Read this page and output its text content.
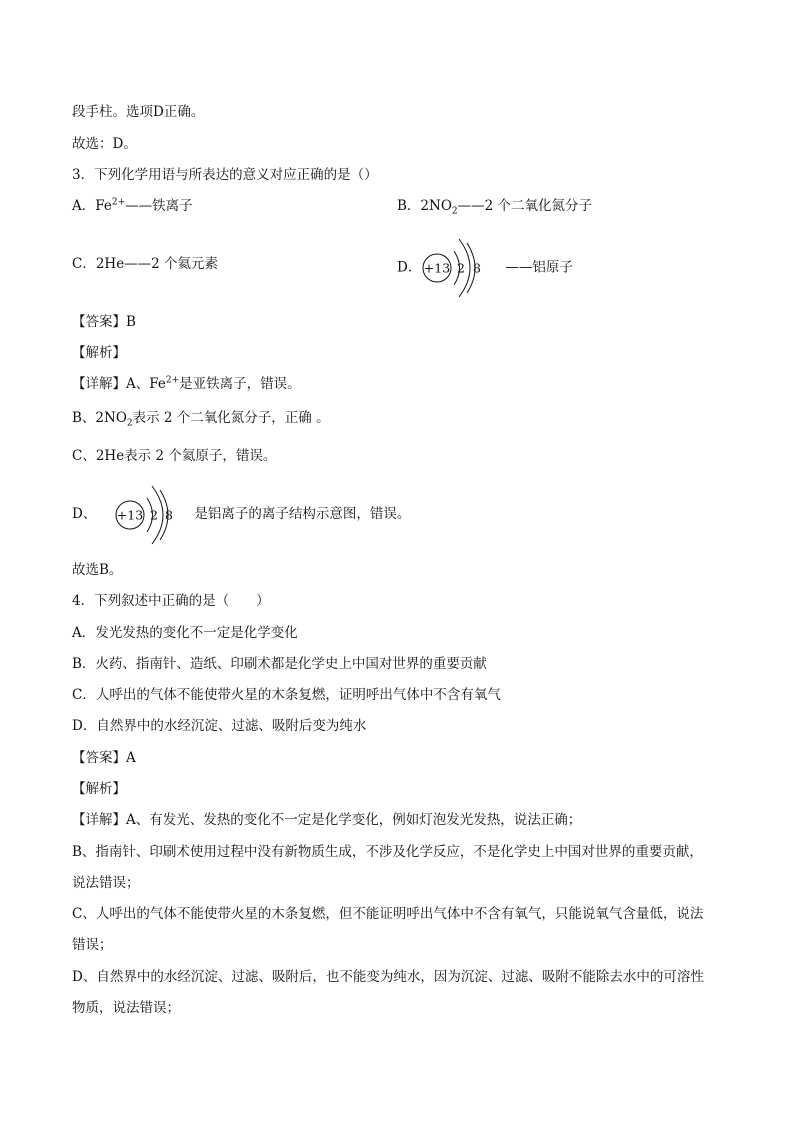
段手柱。选项D正确。
故选：D。
3．下列化学用语与所表达的意义对应正确的是（）
A．$Fe^{2+}——$铁离子	B．$2NO_2——2$ 个二氧化氮分子
C．2He——2 个氦元素	D． +13 2 8 ——铝原子
【答案】B
【解析】
【详解】A、$Fe^{2+}$是亚铁离子，错误。
B、$2NO_2$表示 2 个二氧化氮分子，正确 。
C、2He表示 2 个氦原子，错误。
D、 +13 2 8 是铝离子的离子结构示意图，错误。
故选B。
4．下列叙述中正确的是（　　）
A．发光发热的变化不一定是化学变化
B．火药、指南针、造纸、印刷术都是化学史上中国对世界的重要贡献
C．人呼出的气体不能使带火星的木条复燃，证明呼出气体中不含有氧气
D．自然界中的水经沉淀、过滤、吸附后变为纯水
【答案】A
【解析】
【详解】A、有发光、发热的变化不一定是化学变化，例如灯泡发光发热，说法正确；
B、指南针、印刷术使用过程中没有新物质生成，不涉及化学反应，不是化学史上中国对世界的重要贡献，
说法错误；
C、人呼出的气体不能使带火星的木条复燃，但不能证明呼出气体中不含有氧气，只能说氧气含量低，说法
错误；
D、自然界中的水经沉淀、过滤、吸附后，也不能变为纯水，因为沉淀、过滤、吸附不能除去水中的可溶性
物质，说法错误；
